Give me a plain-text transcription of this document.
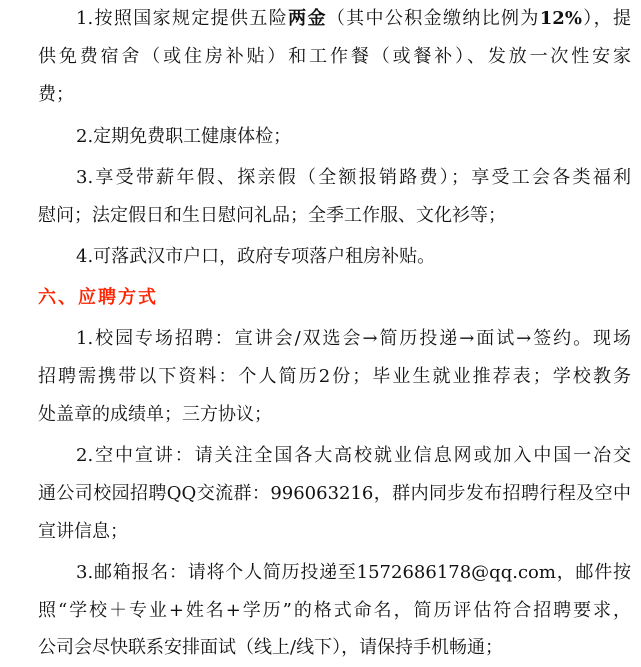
1.按照国家规定提供五险两金（其中公积金缴纳比例为12%），提
供免费宿舍（或住房补贴）和工作餐（或餐补）、发放一次性安家
费；
2.定期免费职工健康体检；
3.享受带薪年假、探亲假（全额报销路费）；享受工会各类福利
慰问；法定假日和生日慰问礼品；全季工作服、文化衫等；
4.可落武汉市户口，政府专项落户租房补贴。
六、应聘方式
1.校园专场招聘：宣讲会/双选会→简历投递→面试→签约。现场
招聘需携带以下资料：个人简历2份；毕业生就业推荐表；学校教务
处盖章的成绩单；三方协议；
2.空中宣讲：请关注全国各大高校就业信息网或加入中国一冶交
通公司校园招聘QQ交流群：996063216，群内同步发布招聘行程及空中
宣讲信息；
3.邮箱报名：请将个人简历投递至1572686178@qq.com，邮件按
照“学校＋专业+姓名+学历”的格式命名，简历评估符合招聘要求，
公司会尽快联系安排面试（线上/线下），请保持手机畅通；
